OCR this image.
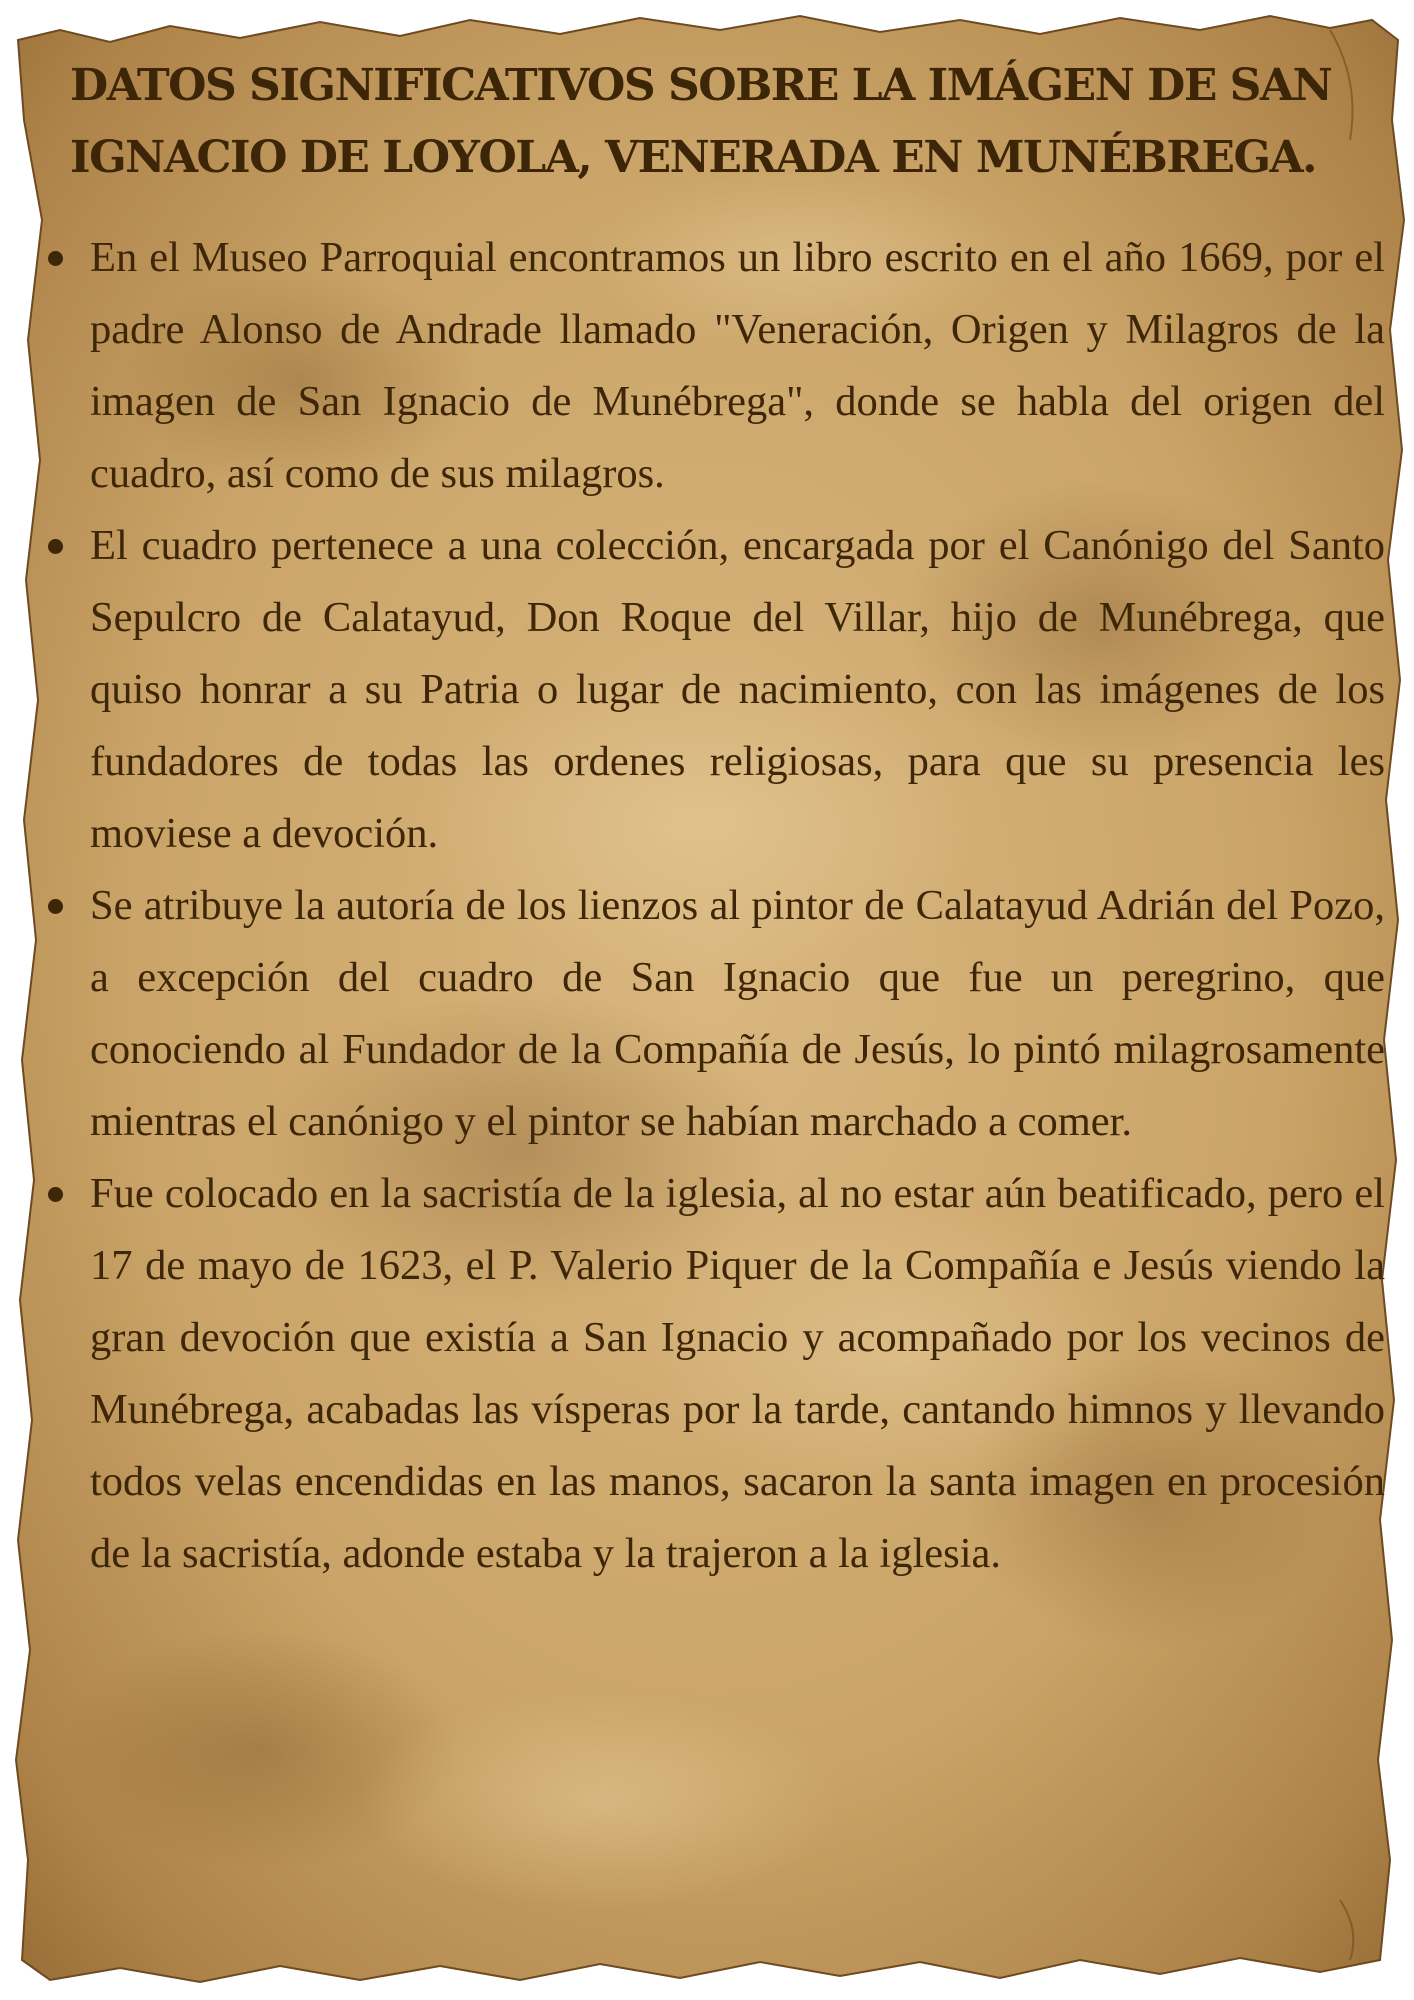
DATOS SIGNIFICATIVOS SOBRE LA IMÁGEN DE SAN IGNACIO DE LOYOLA, VENERADA EN MUNÉBREGA.
En el Museo Parroquial encontramos un libro escrito en el año 1669, por el padre Alonso de Andrade llamado "Veneración, Origen y Milagros de la imagen de San Ignacio de Munébrega", donde se habla del origen del cuadro, así como de sus milagros.
El cuadro pertenece a una colección, encargada por el Canónigo del Santo Sepulcro de Calatayud, Don Roque del Villar, hijo de Munébrega, que quiso honrar a su Patria o lugar de nacimiento, con las imágenes de los fundadores de todas las ordenes religiosas, para que su presencia les moviese a devoción.
Se atribuye la autoría de los lienzos al pintor de Calatayud Adrián del Pozo, a excepción del cuadro de San Ignacio que fue un peregrino, que conociendo al Fundador de la Compañía de Jesús, lo pintó milagrosamente mientras el canónigo y el pintor se habían marchado a comer.
Fue colocado en la sacristía de la iglesia, al no estar aún beatificado, pero el 17 de mayo de 1623, el P. Valerio Piquer de la Compañía e Jesús viendo la gran devoción que existía a San Ignacio y acompañado por los vecinos de Munébrega, acabadas las vísperas por la tarde, cantando himnos y llevando todos velas encendidas en las manos, sacaron la santa imagen en procesión de la sacristía, adonde estaba y la trajeron a la iglesia.
